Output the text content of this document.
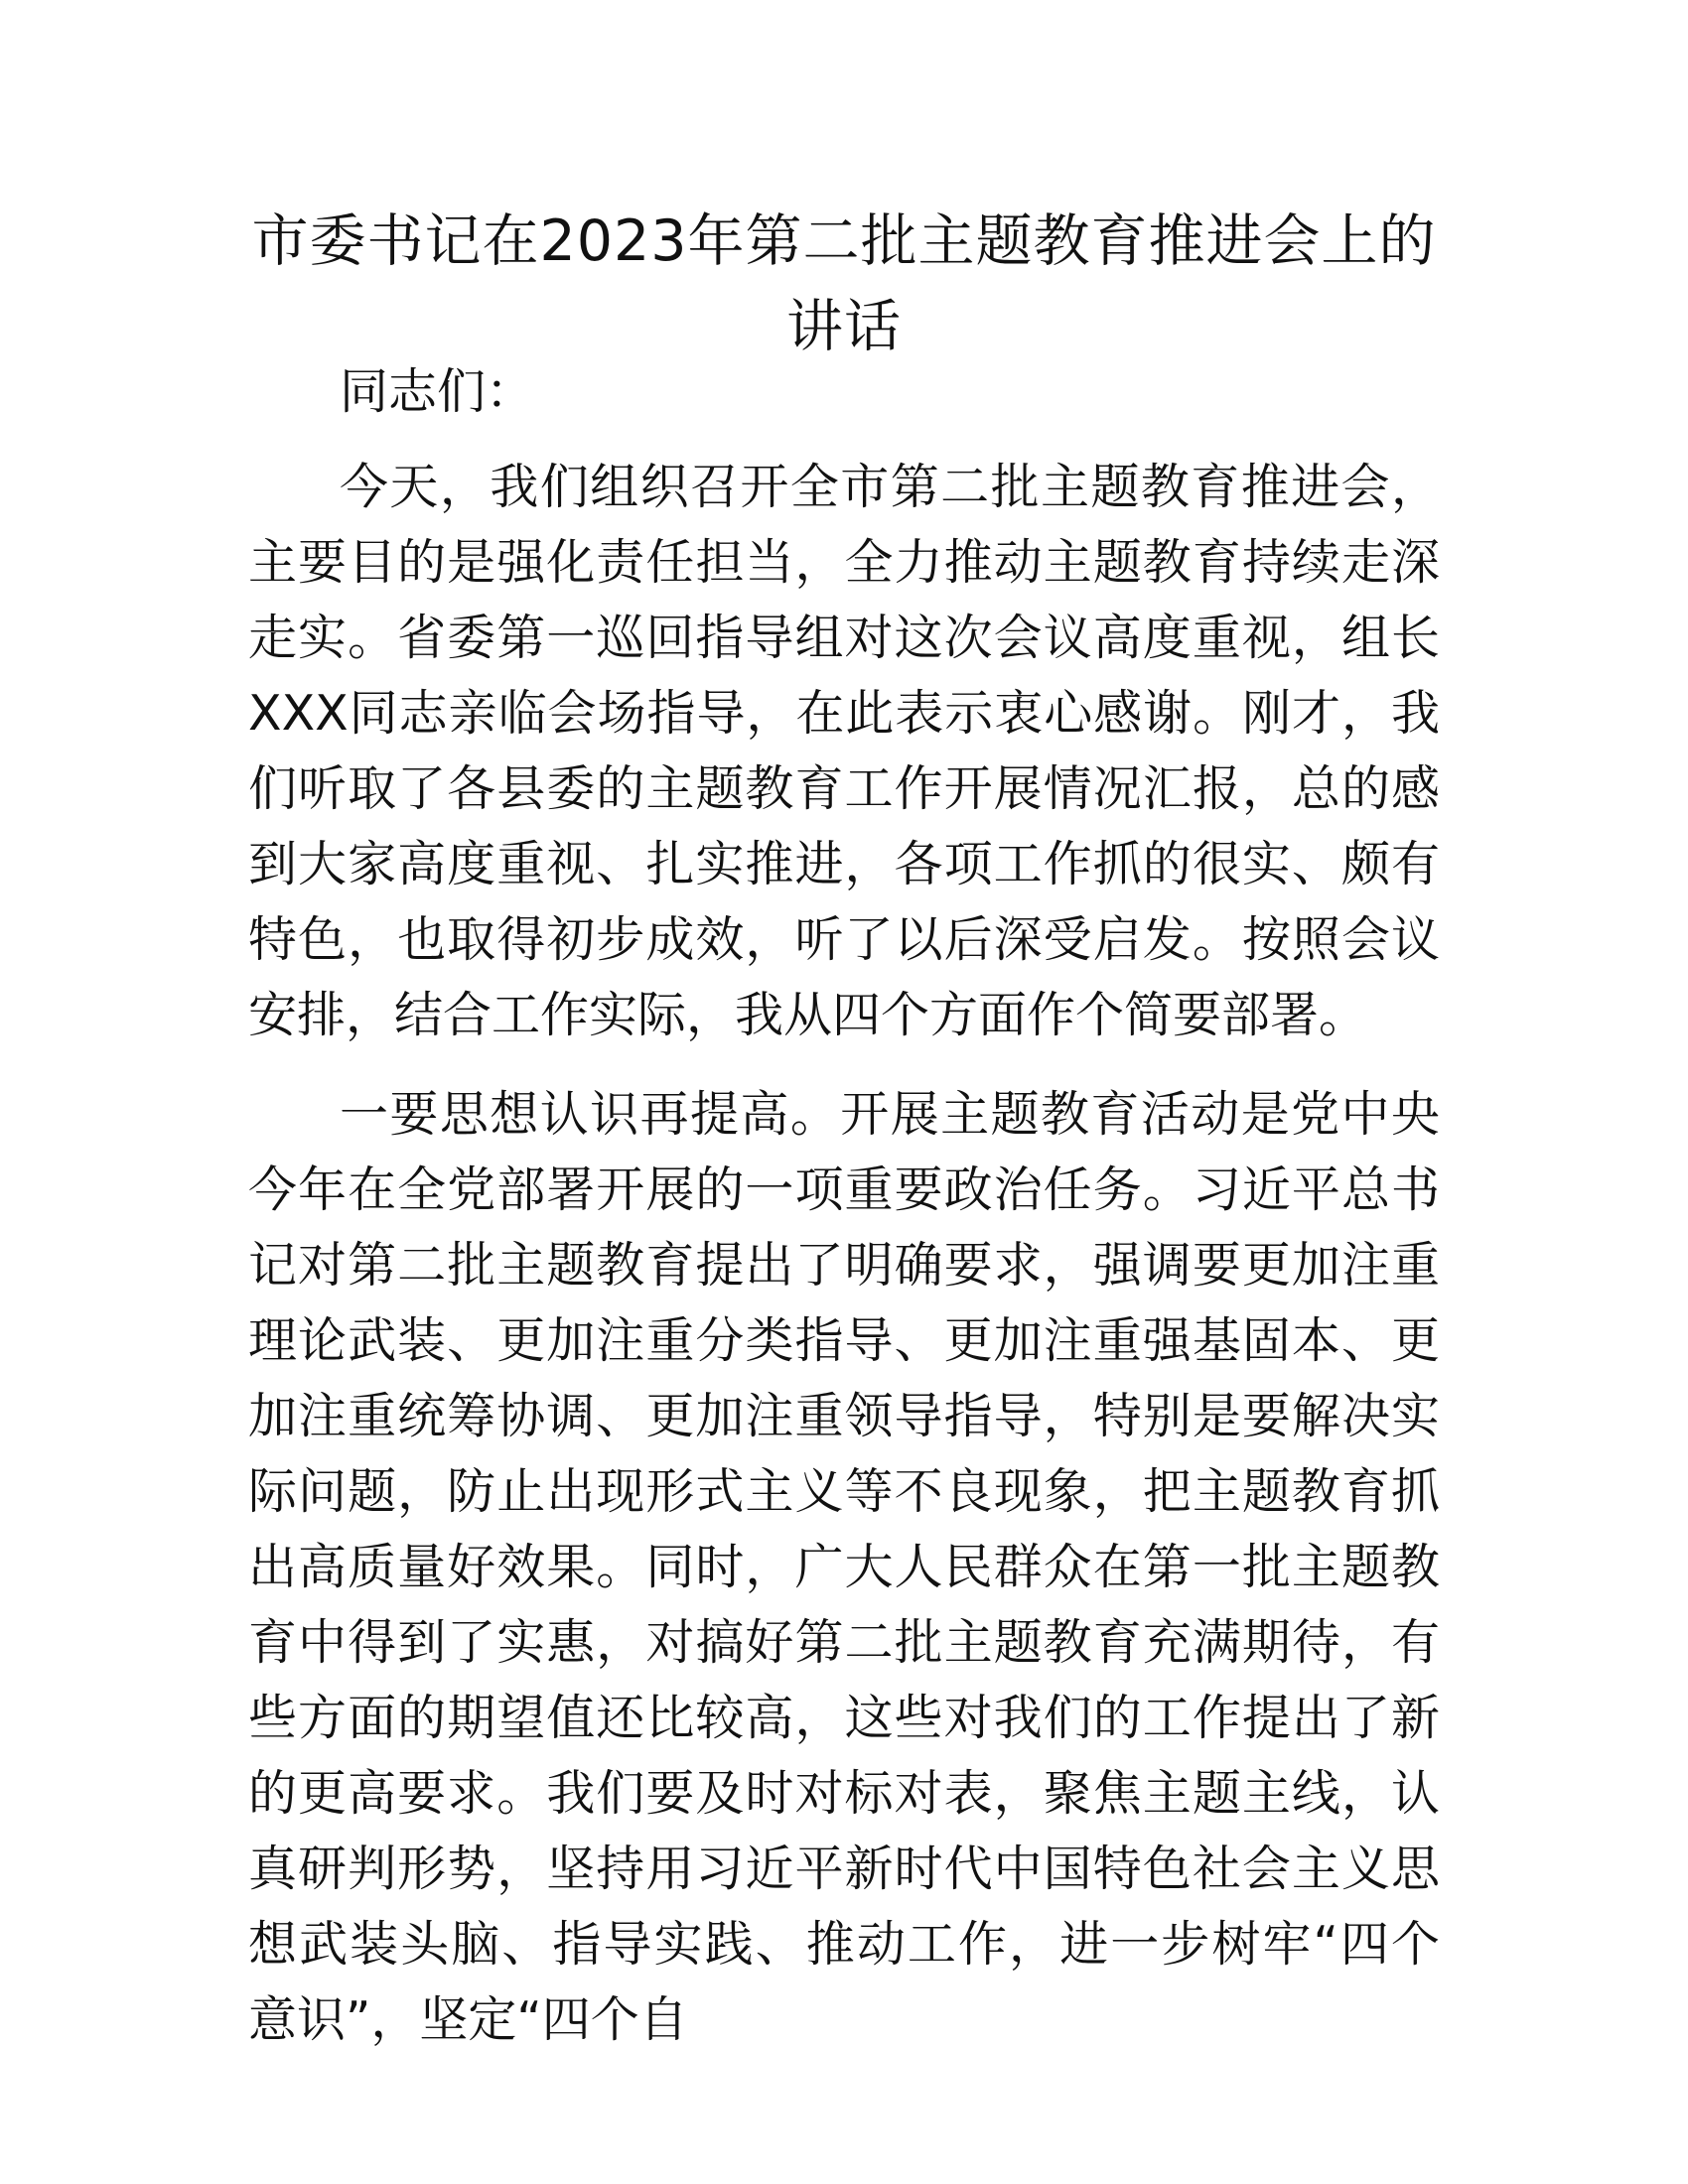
市委书记在2023年第二批主题教育推进会上的讲话

同志们：

今天，我们组织召开全市第二批主题教育推进会，主要目的是强化责任担当，全力推动主题教育持续走深走实。省委第一巡回指导组对这次会议高度重视，组长XXX同志亲临会场指导，在此表示衷心感谢。刚才，我们听取了各县委的主题教育工作开展情况汇报，总的感到大家高度重视、扎实推进，各项工作抓的很实、颇有特色，也取得初步成效，听了以后深受启发。按照会议安排，结合工作实际，我从四个方面作个简要部署。

一要思想认识再提高。开展主题教育活动是党中央今年在全党部署开展的一项重要政治任务。习近平总书记对第二批主题教育提出了明确要求，强调要更加注重理论武装、更加注重分类指导、更加注重强基固本、更加注重统筹协调、更加注重领导指导，特别是要解决实际问题，防止出现形式主义等不良现象，把主题教育抓出高质量好效果。同时，广大人民群众在第一批主题教育中得到了实惠，对搞好第二批主题教育充满期待，有些方面的期望值还比较高，这些对我们的工作提出了新的更高要求。我们要及时对标对表，聚焦主题主线，认真研判形势，坚持用习近平新时代中国特色社会主义思想武装头脑、指导实践、推动工作，进一步树牢“四个意识”，坚定“四个自
